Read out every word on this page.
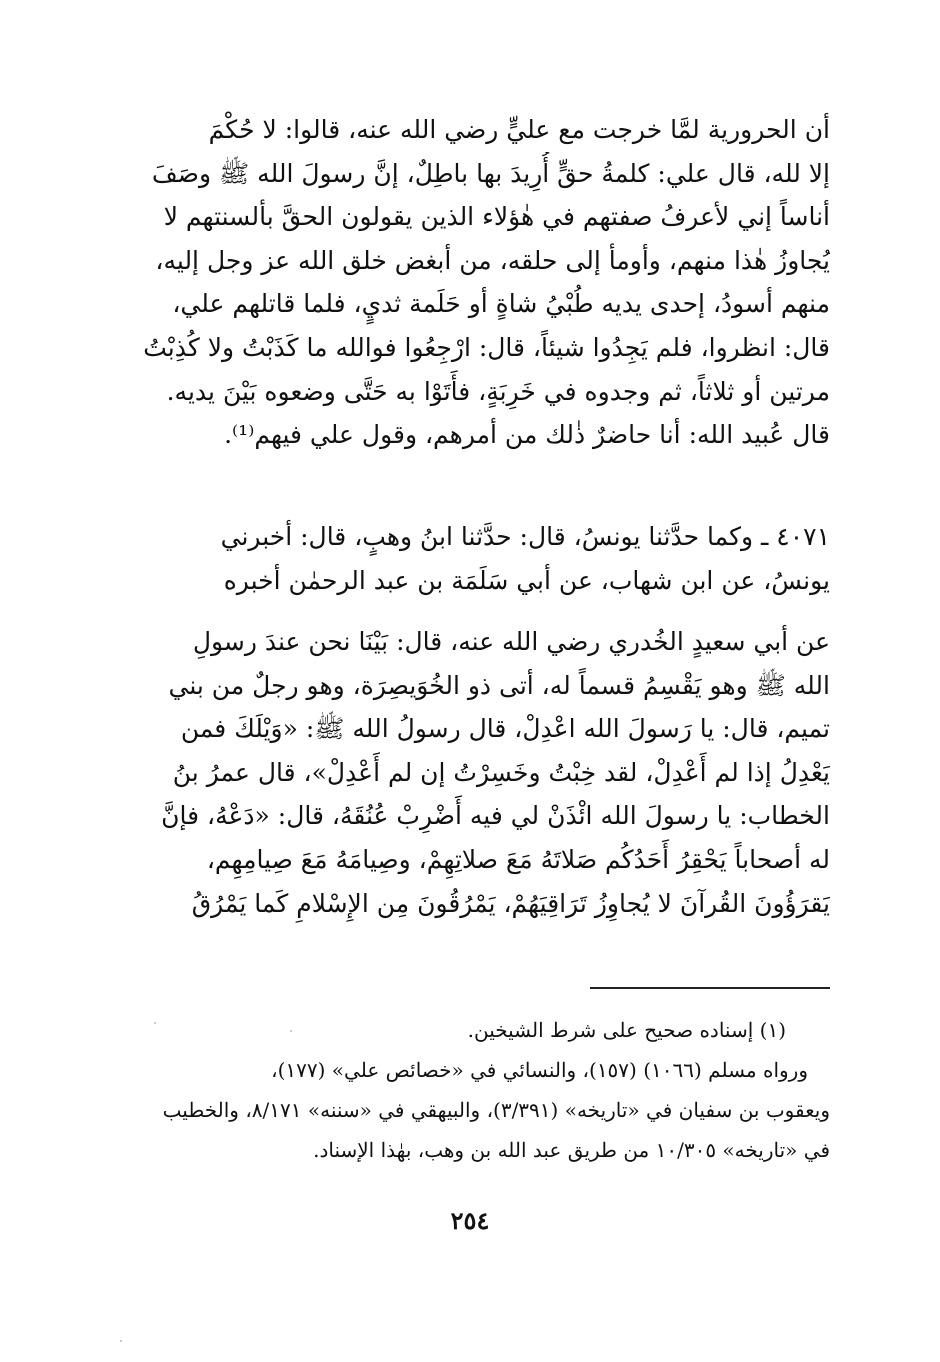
أن الحرورية لمَّا خرجت مع عليٍّ رضي الله عنه، قالوا: لا حُكْمَ
إلا لله، قال علي: كلمةُ حقٍّ أُرِيدَ بها باطِلٌ، إنَّ رسولَ الله ﷺ وصَفَ
أناساً إني لأعرفُ صفتهم في هٰؤلاء الذين يقولون الحقَّ بألسنتهم لا
يُجاوزُ هٰذا منهم، وأومأ إلى حلقه، من أبغض خلق الله عز وجل إليه،
منهم أسودُ، إحدى يديه طُبْيُ شاةٍ أو حَلَمة ثديٍ، فلما قاتلهم علي،
قال: انظروا، فلم يَجِدُوا شيئاً، قال: ارْجِعُوا فوالله ما كَذَبْتُ ولا كُذِبْتُ
مرتين أو ثلاثاً، ثم وجدوه في خَرِبَةٍ، فأَتَوْا به حَتَّى وضعوه بَيْنَ يديه.
قال عُبيد الله: أنا حاضرٌ ذٰلك من أمرهم، وقول علي فيهم⁽¹⁾.
٤٠٧١ ـ وكما حدَّثنا يونسُ، قال: حدَّثنا ابنُ وهبٍ، قال: أخبرني
يونسُ، عن ابن شهاب، عن أبي سَلَمَة بن عبد الرحمٰن أخبره
عن أبي سعيدٍ الخُدري رضي الله عنه، قال: بَيْنَا نحن عندَ رسولِ
الله ﷺ وهو يَقْسِمُ قسماً له، أتى ذو الخُوَيصِرَة، وهو رجلٌ من بني
تميم، قال: يا رَسولَ الله اعْدِلْ، قال رسولُ الله ﷺ: «وَيْلَكَ فمن
يَعْدِلُ إذا لم أَعْدِلْ، لقد خِبْتُ وخَسِرْتُ إن لم أَعْدِلْ»، قال عمرُ بنُ
الخطاب: يا رسولَ الله ائْذَنْ لي فيه أَضْرِبْ عُنُقَهُ، قال: «دَعْهُ، فإنَّ
له أصحاباً يَحْقِرُ أَحَدُكُم صَلاتَهُ مَعَ صلاتِهِمْ، وصِيامَهُ مَعَ صِيامِهِم،
يَقرَؤُونَ القُرآنَ لا يُجاوِزُ تَرَاقِيَهُمْ، يَمْرُقُونَ مِن الإِسْلامِ كَما يَمْرُقُ
(١) إسناده صحيح على شرط الشيخين.
ورواه مسلم (١٠٦٦) (١٥٧)، والنسائي في «خصائص علي» (١٧٧)،
ويعقوب بن سفيان في «تاريخه» (٣/٣٩١)، والبيهقي في «سننه» ٨/١٧١، والخطيب
في «تاريخه» ١٠/٣٠٥ من طريق عبد الله بن وهب، بهٰذا الإسناد.
٢٥٤
